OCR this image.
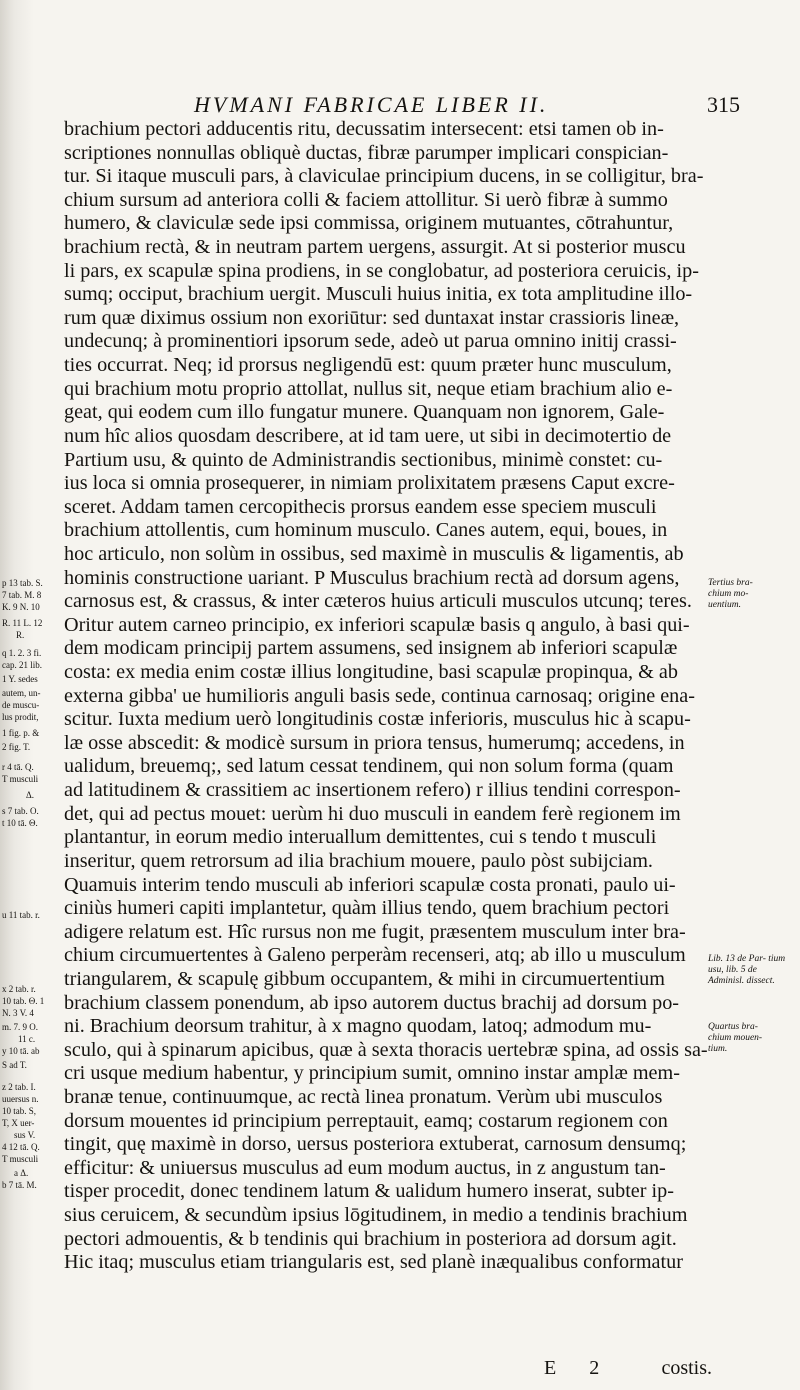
HVMANI FABRICAE LIBER II.	315
p 13 tab. S.
7 tab. M. 8
K. 9 N. 10
R. 11 L. 12
R.
q 1. 2. 3 fi.
cap. 21 lib.
1 Y. sedes
autem, un-
de muscu-
lus prodit,
1 fig. p. &
2 fig. T.
r 4 tā. Q.
T musculi
Δ.
s 7 tab. O.
t 10 tā. Θ.
u 11 tab. r.
x 2 tab. r.
10 tab. Θ. 1
N. 3 V. 4
m. 7. 9 O.
11 c.
y 10 tā. ab
S ad T.
z 2 tab. I.
uuersus n.
10 tab. S,
T, X uer-
sus V.
4 12 tā. Q.
T musculi
a Δ.
b 7 tā. M.
brachium pectori adducentis ritu, decussatim intersecent: etsi tamen ob in-
scriptiones nonnullas obliquè ductas, fibræ parumper implicari conspician-
tur. Si itaque musculi pars, à claviculae principium ducens, in se colligitur, bra-
chium sursum ad anteriora colli & faciem attollitur. Si uerò fibræ à summo
humero, & claviculæ sede ipsi commissa, originem mutuantes, cōtrahuntur,
brachium rectà, & in neutram partem uergens, assurgit. At si posterior muscu
li pars, ex scapulæ spina prodiens, in se conglobatur, ad posteriora ceruicis, ip-
sumq; occiput, brachium uergit. Musculi huius initia, ex tota amplitudine illo-
rum quæ diximus ossium non exoriūtur: sed duntaxat instar crassioris lineæ,
undecunq; à prominentiori ipsorum sede, adeò ut parua omnino initij crassi-
ties occurrat. Neq; id prorsus negligendū est: quum præter hunc musculum,
qui brachium motu proprio attollat, nullus sit, neque etiam brachium alio e-
geat, qui eodem cum illo fungatur munere. Quanquam non ignorem, Gale-
num hîc alios quosdam describere, at id tam uere, ut sibi in decimotertio de
Partium usu, & quinto de Administrandis sectionibus, minimè constet: cu-
ius loca si omnia prosequerer, in nimiam prolixitatem præsens Caput excre-
sceret. Addam tamen cercopithecis prorsus eandem esse speciem musculi
brachium attollentis, cum hominum musculo. Canes autem, equi, boues, in
hoc articulo, non solùm in ossibus, sed maximè in musculis & ligamentis, ab
hominis constructione uariant. P Musculus brachium rectà ad dorsum agens,
carnosus est, & crassus, & inter cæteros huius articuli musculos utcunq; teres.
Oritur autem carneo principio, ex inferiori scapulæ basis q angulo, à basi qui-
dem modicam principij partem assumens, sed insignem ab inferiori scapulæ
costa: ex media enim costæ illius longitudine, basi scapulæ propinqua, & ab
externa gibba' ue humilioris anguli basis sede, continua carnosaq; origine ena-
scitur. Iuxta medium uerò longitudinis costæ inferioris, musculus hic à scapu-
læ osse abscedit: & modicè sursum in priora tensus, humerumq; accedens, in
ualidum, breuemq;, sed latum cessat tendinem, qui non solum forma (quam
ad latitudinem & crassitiem ac insertionem refero) r illius tendini correspon-
det, qui ad pectus mouet: uerùm hi duo musculi in eandem ferè regionem im
plantantur, in eorum medio interuallum demittentes, cui s tendo t musculi
inseritur, quem retrorsum ad ilia brachium mouere, paulo pòst subijciam.
Quamuis interim tendo musculi ab inferiori scapulæ costa pronati, paulo ui-
ciniùs humeri capiti implantetur, quàm illius tendo, quem brachium pectori
adigere relatum est. Hîc rursus non me fugit, præsentem musculum inter bra-
chium circumuertentes à Galeno perperàm recenseri, atq; ab illo u musculum
triangularem, & scapulę gibbum occupantem, & mihi in circumuertentium
brachium classem ponendum, ab ipso autorem ductus brachij ad dorsum po-
ni. Brachium deorsum trahitur, à x magno quodam, latoq; admodum mu-
sculo, qui à spinarum apicibus, quæ à sexta thoracis uertebræ spina, ad ossis sa-
cri usque medium habentur, y principium sumit, omnino instar amplæ mem-
branæ tenue, continuumque, ac rectà linea pronatum. Verùm ubi musculos
dorsum mouentes id principium perreptauit, eamq; costarum regionem con
tingit, quę maximè in dorso, uersus posteriora extuberat, carnosum densumq;
efficitur: & uniuersus musculus ad eum modum auctus, in z angustum tan-
tisper procedit, donec tendinem latum & ualidum humero inserat, subter ip-
sius ceruicem, & secundùm ipsius lōgitudinem, in medio a tendinis brachium
pectori admouentis, & b tendinis qui brachium in posteriora ad dorsum agit.
Hic itaq; musculus etiam triangularis est, sed planè inæqualibus conformatur
Tertius bra- chium mo- uentium.
Lib. 13 de Par- tium usu, lib. 5 de Adminisl. dissect.
Quartus bra- chium mouen- tium.
E 2 costis.
